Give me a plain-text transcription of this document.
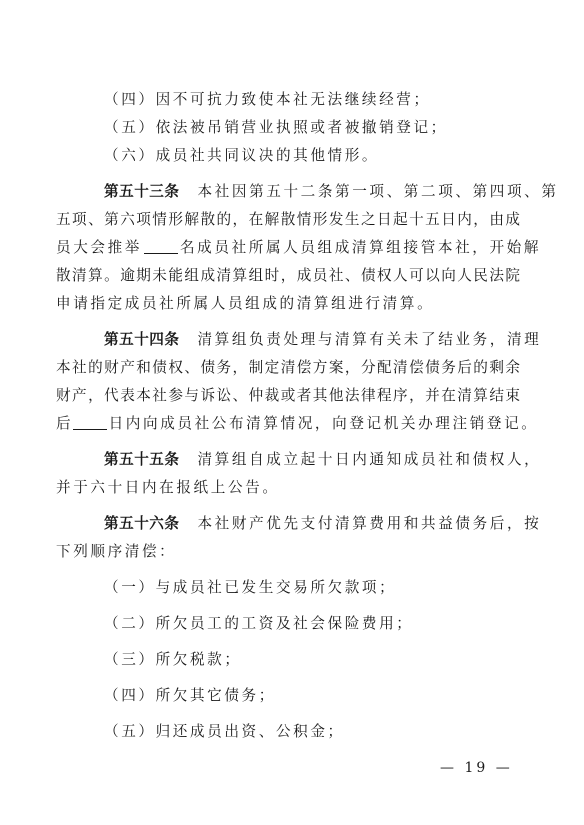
（四）因不可抗力致使本社无法继续经营；
（五）依法被吊销营业执照或者被撤销登记；
（六）成员社共同议决的其他情形。
第五十三条 本社因第五十二条第一项、第二项、第四项、第
五项、第六项情形解散的，在解散情形发生之日起十五日内，由成
员大会推举	名成员社所属人员组成清算组接管本社，开始解
散清算。逾期未能组成清算组时，成员社、债权人可以向人民法院
申请指定成员社所属人员组成的清算组进行清算。
第五十四条 清算组负责处理与清算有关未了结业务，清理
本社的财产和债权、债务，制定清偿方案，分配清偿债务后的剩余
财产，代表本社参与诉讼、仲裁或者其他法律程序，并在清算结束
后	日内向成员社公布清算情况，向登记机关办理注销登记。
第五十五条 清算组自成立起十日内通知成员社和债权人，
并于六十日内在报纸上公告。
第五十六条 本社财产优先支付清算费用和共益债务后，按
下列顺序清偿：
（一）与成员社已发生交易所欠款项；
（二）所欠员工的工资及社会保险费用；
（三）所欠税款；
（四）所欠其它债务；
（五）归还成员出资、公积金；
— 19 —
